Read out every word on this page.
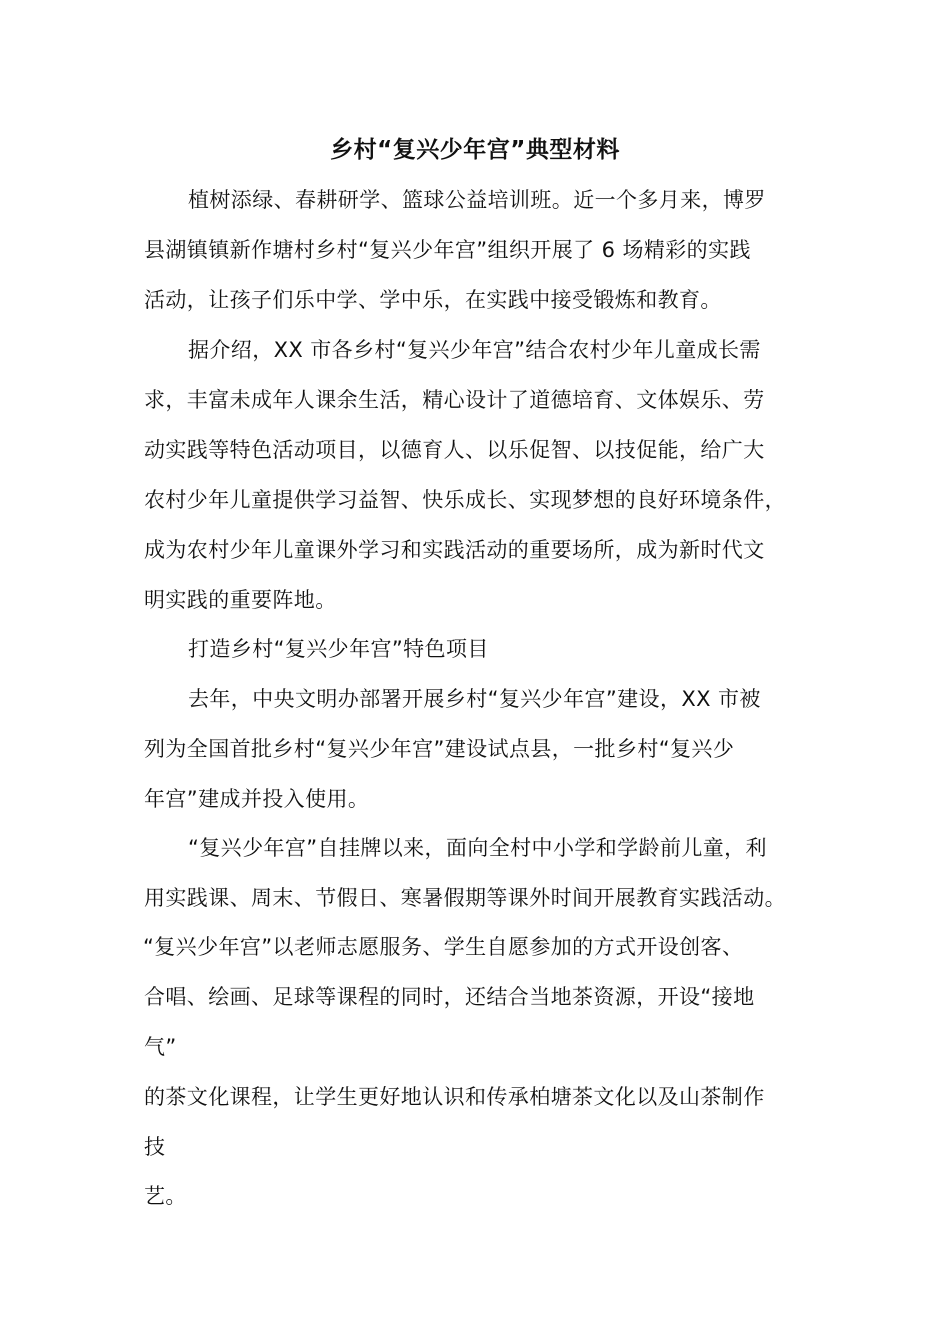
乡村“复兴少年宫”典型材料
植树添绿、春耕研学、篮球公益培训班。近一个多月来，博罗
县湖镇镇新作塘村乡村“复兴少年宫”组织开展了 6 场精彩的实践
活动，让孩子们乐中学、学中乐，在实践中接受锻炼和教育。
据介绍，XX 市各乡村“复兴少年宫”结合农村少年儿童成长需
求，丰富未成年人课余生活，精心设计了道德培育、文体娱乐、劳
动实践等特色活动项目，以德育人、以乐促智、以技促能，给广大
农村少年儿童提供学习益智、快乐成长、实现梦想的良好环境条件，
成为农村少年儿童课外学习和实践活动的重要场所，成为新时代文
明实践的重要阵地。
打造乡村“复兴少年宫”特色项目
去年，中央文明办部署开展乡村“复兴少年宫”建设，XX 市被
列为全国首批乡村“复兴少年宫”建设试点县，一批乡村“复兴少
年宫”建成并投入使用。
“复兴少年宫”自挂牌以来，面向全村中小学和学龄前儿童，利
用实践课、周末、节假日、寒暑假期等课外时间开展教育实践活动。
“复兴少年宫”以老师志愿服务、学生自愿参加的方式开设创客、
合唱、绘画、足球等课程的同时，还结合当地茶资源，开设“接地
气”
的茶文化课程，让学生更好地认识和传承柏塘茶文化以及山茶制作
技
艺。
